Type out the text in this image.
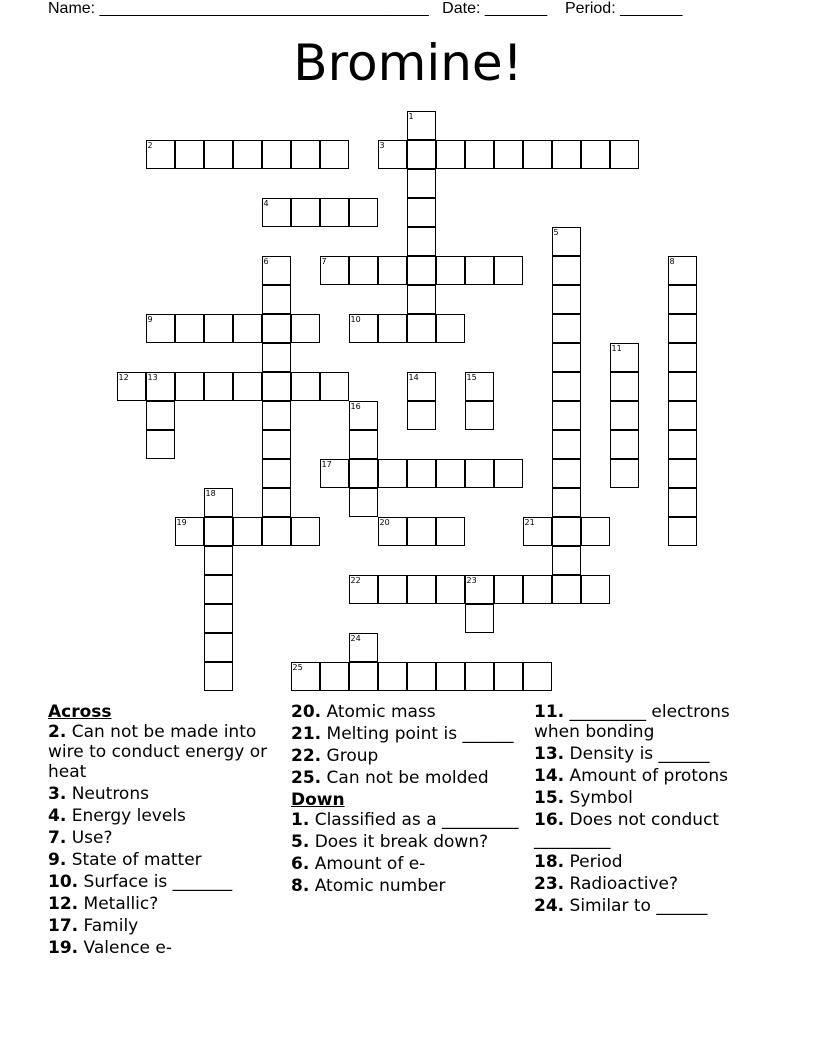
Name: _____________________________________ Date: _______ Period: _______
Bromine!
1
2	3
4
5
6	7	8
9	10
11
12 13	14	15
16
17
18
19	20	21
22	23
24
25
Across
2. Can not be made into wire to conduct energy or heat
3. Neutrons
4. Energy levels
7. Use?
9. State of matter
10. Surface is _______
12. Metallic?
17. Family
19. Valence e-
20. Atomic mass
21. Melting point is ______
22. Group
25. Can not be molded
Down
1. Classified as a _________
5. Does it break down?
6. Amount of e-
8. Atomic number
11. _________ electrons when bonding
13. Density is ______
14. Amount of protons
15. Symbol
16. Does not conduct _________
18. Period
23. Radioactive?
24. Similar to ______
